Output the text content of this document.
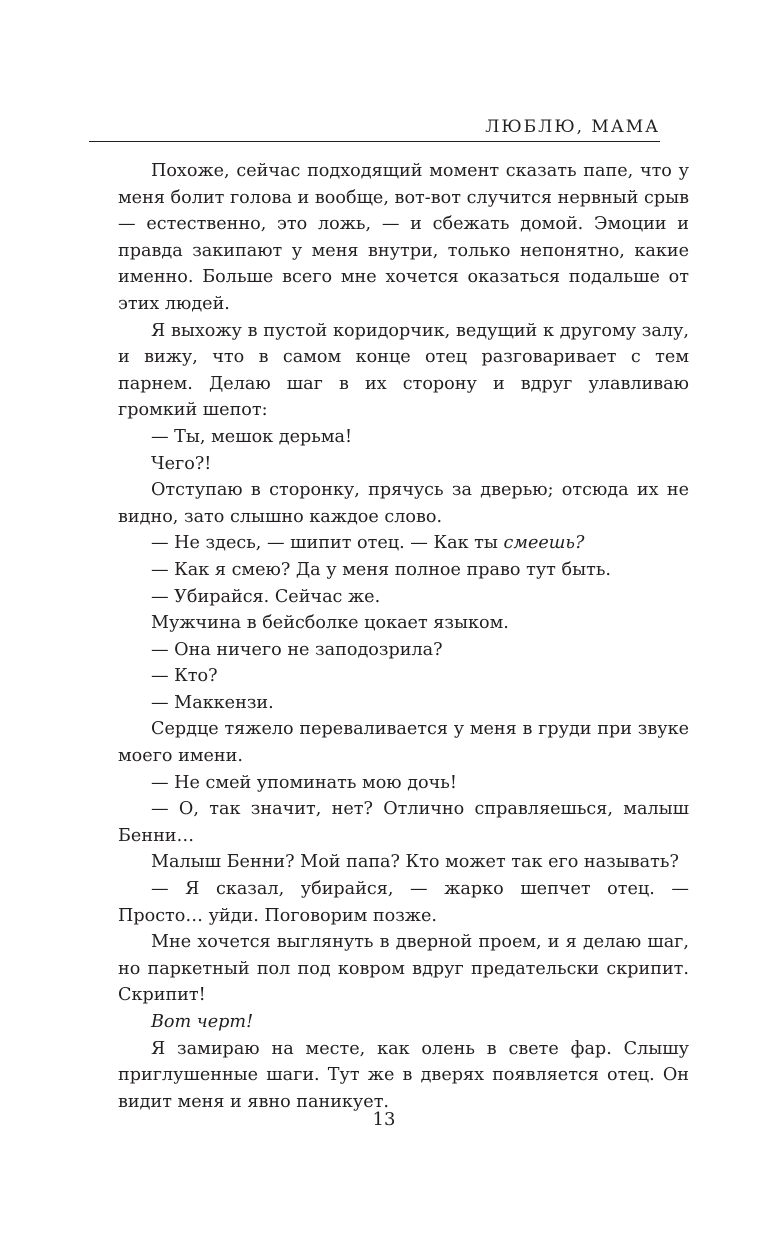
ЛЮБЛЮ, МАМА

Похоже, сейчас подходящий момент сказать папе, что у меня болит голова и вообще, вот-вот случится нервный срыв — естественно, это ложь, — и сбежать домой. Эмоции и правда закипают у меня внутри, только непонятно, какие именно. Больше всего мне хочется оказаться подальше от этих людей.

Я выхожу в пустой коридорчик, ведущий к другому залу, и вижу, что в самом конце отец разговаривает с тем парнем. Делаю шаг в их сторону и вдруг улавливаю громкий шепот:

— Ты, мешок дерьма!

Чего?!

Отступаю в сторонку, прячусь за дверью; отсюда их не видно, зато слышно каждое слово.

— Не здесь, — шипит отец. — Как ты смеешь?

— Как я смею? Да у меня полное право тут быть.

— Убирайся. Сейчас же.

Мужчина в бейсболке цокает языком.

— Она ничего не заподозрила?

— Кто?

— Маккензи.

Сердце тяжело переваливается у меня в груди при звуке моего имени.

— Не смей упоминать мою дочь!

— О, так значит, нет? Отлично справляешься, малыш Бенни…

Малыш Бенни? Мой папа? Кто может так его называть?

— Я сказал, убирайся, — жарко шепчет отец. — Просто… уйди. Поговорим позже.

Мне хочется выглянуть в дверной проем, и я делаю шаг, но паркетный пол под ковром вдруг предательски скрипит. Скрипит!

Вот черт!

Я замираю на месте, как олень в свете фар. Слышу приглушенные шаги. Тут же в дверях появляется отец. Он видит меня и явно паникует.

13
